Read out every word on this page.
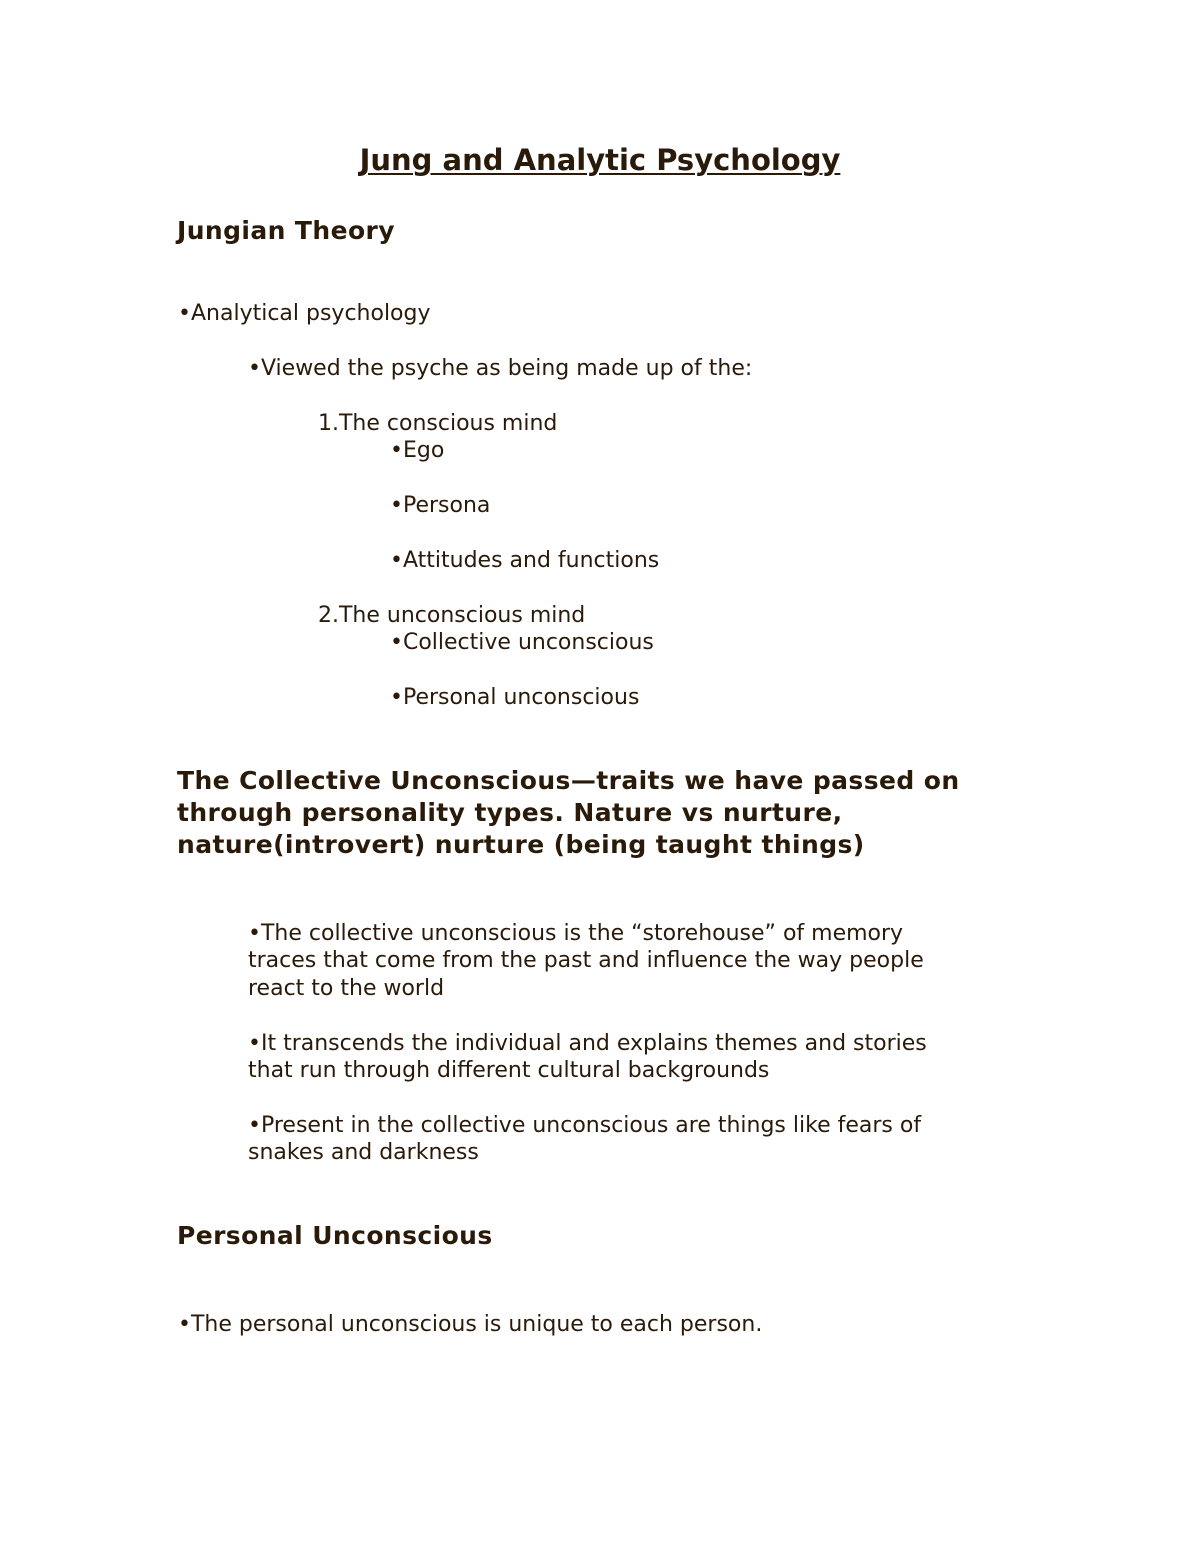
Jung and Analytic Psychology
Jungian Theory
•Analytical psychology
•Viewed the psyche as being made up of the:
1.The conscious mind
•Ego
•Persona
•Attitudes and functions
2.The unconscious mind
•Collective unconscious
•Personal unconscious
The Collective Unconscious—traits we have passed on
through personality types. Nature vs nurture,
nature(introvert) nurture (being taught things)
•The collective unconscious is the “storehouse” of memory
traces that come from the past and influence the way people
react to the world
•It transcends the individual and explains themes and stories
that run through different cultural backgrounds
•Present in the collective unconscious are things like fears of
snakes and darkness
Personal Unconscious
•The personal unconscious is unique to each person.
